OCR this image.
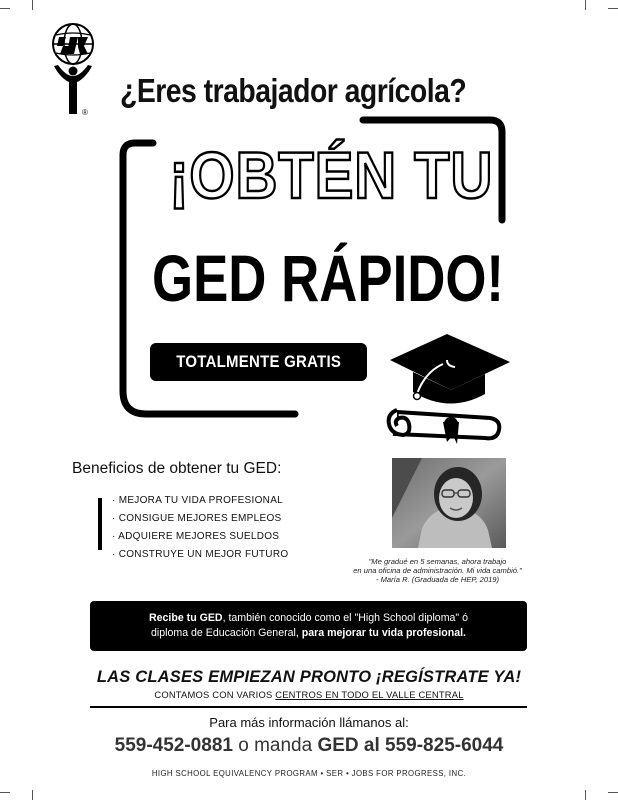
®
¿Eres trabajador agrícola?
¡OBTÉN TU
GED RÁPIDO!
TOTALMENTE GRATIS
Beneficios de obtener tu GED:
· MEJORA TU VIDA PROFESIONAL
· CONSIGUE MEJORES EMPLEOS
· ADQUIERE MEJORES SUELDOS
· CONSTRUYE UN MEJOR FUTURO
"Me gradué en 5 semanas, ahora trabajo
en una oficina de administración. Mi vida cambió."
- María R. (Graduada de HEP, 2019)
Recibe tu GED, también conocido como el "High School diploma" ó
diploma de Educación General, para mejorar tu vida profesional.
LAS CLASES EMPIEZAN PRONTO ¡REGÍSTRATE YA!
CONTAMOS CON VARIOS CENTROS EN TODO EL VALLE CENTRAL
Para más información llámanos al:
559-452-0881 o manda GED al 559-825-6044
HIGH SCHOOL EQUIVALENCY PROGRAM • SER • JOBS FOR PROGRESS, INC.
